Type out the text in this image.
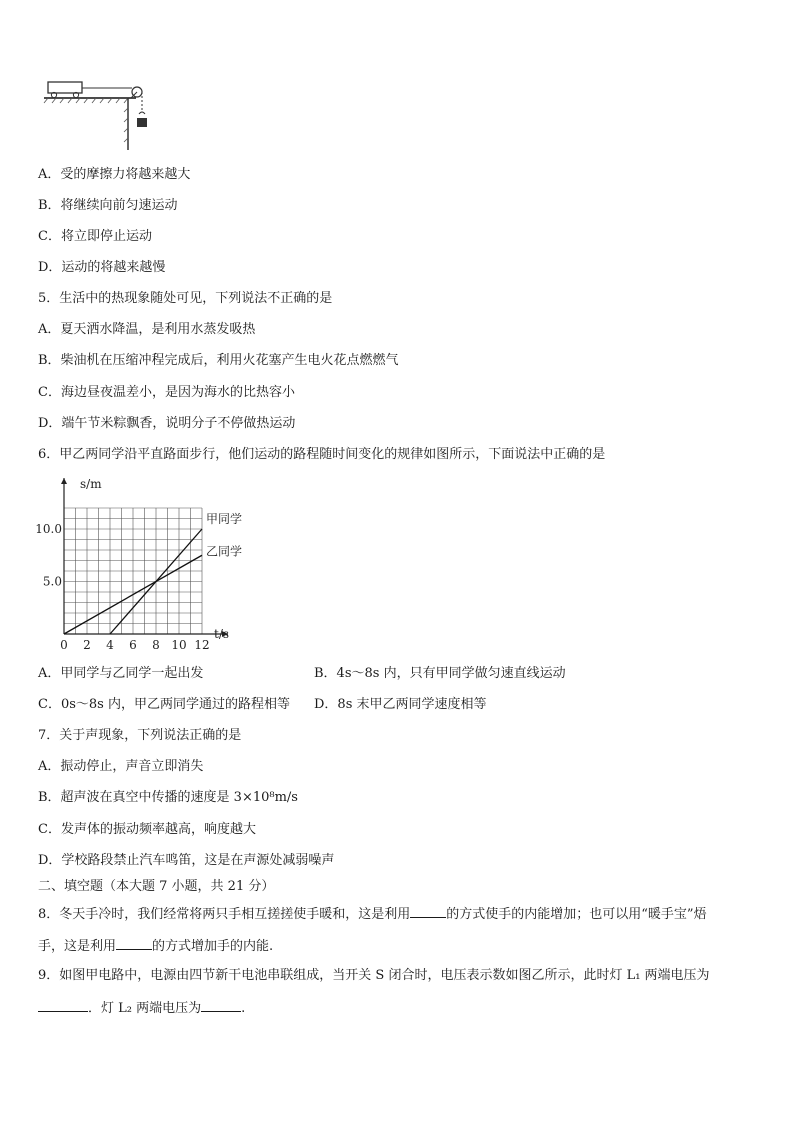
A．受的摩擦力将越来越大
B．将继续向前匀速运动
C．将立即停止运动
D．运动的将越来越慢
5．生活中的热现象随处可见，下列说法不正确的是
A．夏天洒水降温，是利用水蒸发吸热
B．柴油机在压缩冲程完成后，利用火花塞产生电火花点燃燃气
C．海边昼夜温差小，是因为海水的比热容小
D．端午节米粽飘香，说明分子不停做热运动
6．甲乙两同学沿平直路面步行，他们运动的路程随时间变化的规律如图所示，下面说法中正确的是
0 2 4 6 8 10 12
5.0
10.0
t/s
s/m
甲同学
乙同学
A．甲同学与乙同学一起出发	B．4s～8s 内，只有甲同学做匀速直线运动
C．0s～8s 内，甲乙两同学通过的路程相等 D．8s 末甲乙两同学速度相等
7．关于声现象，下列说法正确的是
A．振动停止，声音立即消失
B．超声波在真空中传播的速度是 3×10⁸m/s
C．发声体的振动频率越高，响度越大
D．学校路段禁止汽车鸣笛，这是在声源处减弱噪声
二、填空题（本大题 7 小题，共 21 分）
8．冬天手冷时，我们经常将两只手相互搓搓使手暖和，这是利用	的方式使手的内能增加；也可以用“暖手宝”焐
手，这是利用	的方式增加手的内能.
9．如图甲电路中，电源由四节新干电池串联组成，当开关 S 闭合时，电压表示数如图乙所示，此时灯 L₁ 两端电压为
．灯 L₂ 两端电压为	.
